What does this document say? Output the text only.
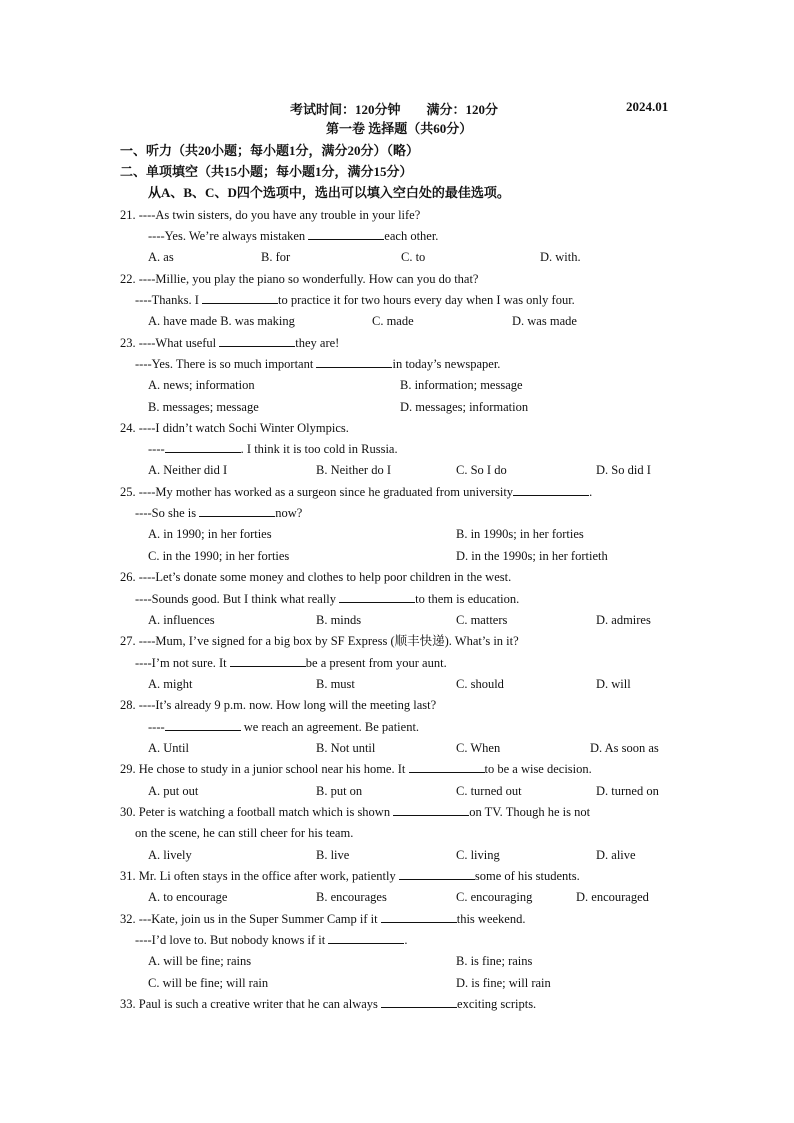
考试时间：120分钟　　满分：120分	2024.01
第一卷 选择题（共60分）
一、听力（共20小题；每小题1分，满分20分）（略）
二、单项填空（共15小题；每小题1分，满分15分）
从A、B、C、D四个选项中，选出可以填入空白处的最佳选项。
21. ----As twin sisters, do you have any trouble in your life?
----Yes. We’re always mistaken	each other.
A. as	B. for	C. to	D. with.
22. ----Millie, you play the piano so wonderfully. How can you do that?
----Thanks. I	to practice it for two hours every day when I was only four.
A. have made B. was making	C. made	D. was made
23. ----What useful	they are!
----Yes. There is so much important	in today’s newspaper.
A. news; information	B. information; message
B. messages; message	D. messages; information
24. ----I didn’t watch Sochi Winter Olympics.
----	. I think it is too cold in Russia.
A. Neither did I	B. Neither do I	C. So I do	D. So did I
25. ----My mother has worked as a surgeon since he graduated from university	.
----So she is	now?
A. in 1990; in her forties	B. in 1990s; in her forties
C. in the 1990; in her forties	D. in the 1990s; in her fortieth
26. ----Let’s donate some money and clothes to help poor children in the west.
----Sounds good. But I think what really	to them is education.
A. influences	B. minds	C. matters	D. admires
27. ----Mum, I’ve signed for a big box by SF Express (顺丰快递). What’s in it?
----I’m not sure. It	be a present from your aunt.
A. might	B. must	C. should	D. will
28. ----It’s already 9 p.m. now. How long will the meeting last?
----	we reach an agreement. Be patient.
A. Until	B. Not until	C. When	D. As soon as
29. He chose to study in a junior school near his home. It	to be a wise decision.
A. put out	B. put on	C. turned out	D. turned on
30. Peter is watching a football match which is shown	on TV. Though he is not
on the scene, he can still cheer for his team.
A. lively	B. live	C. living	D. alive
31. Mr. Li often stays in the office after work, patiently	some of his students.
A. to encourage	B. encourages	C. encouraging	D. encouraged
32. ---Kate, join us in the Super Summer Camp if it	this weekend.
----I’d love to. But nobody knows if it	.
A. will be fine; rains	B. is fine; rains
C. will be fine; will rain	D. is fine; will rain
33. Paul is such a creative writer that he can always	exciting scripts.
